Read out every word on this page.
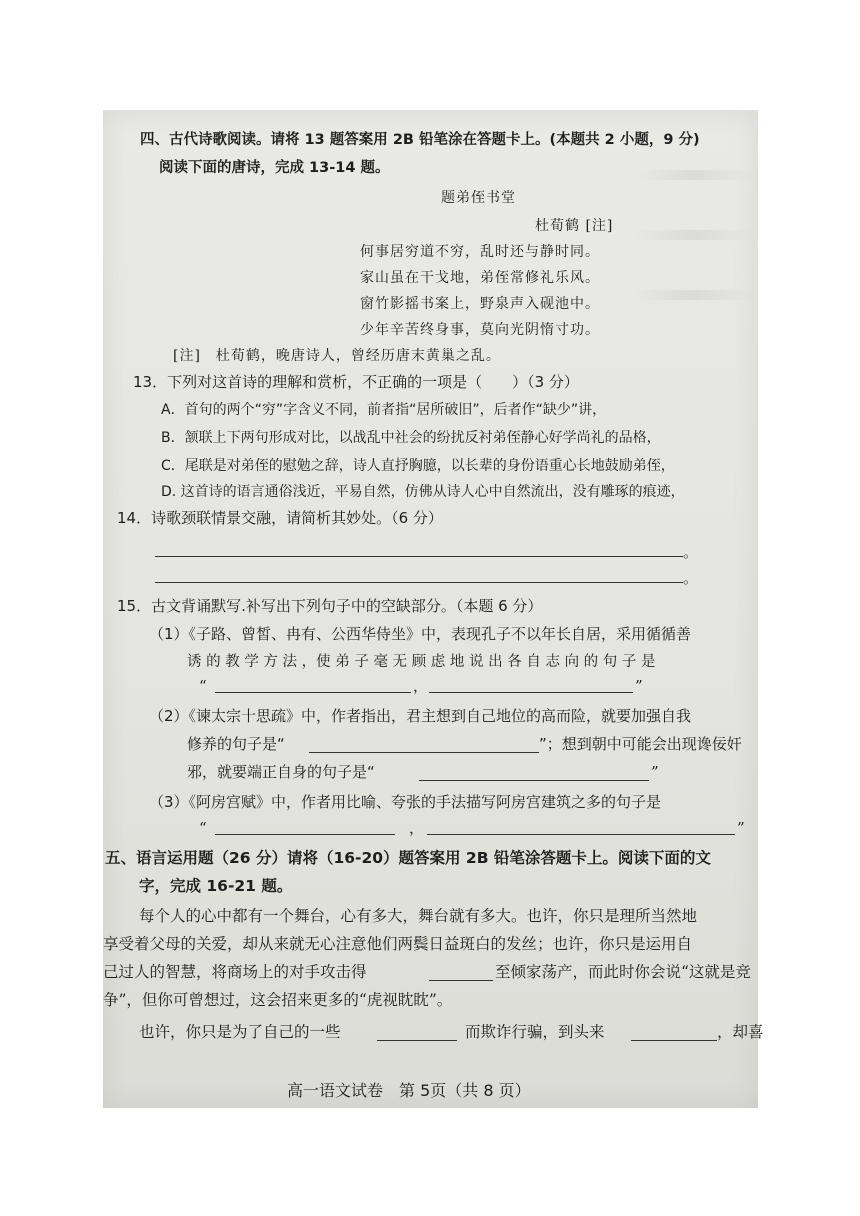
四、古代诗歌阅读。请将 13 题答案用 2B 铅笔涂在答题卡上。(本题共 2 小题，9 分)
阅读下面的唐诗，完成 13-14 题。
题弟侄书堂
杜荀鹤 [注]
何事居穷道不穷，乱时还与静时同。
家山虽在干戈地，弟侄常修礼乐风。
窗竹影摇书案上，野泉声入砚池中。
少年辛苦终身事，莫向光阴惰寸功。
[注]　杜荀鹤，晚唐诗人，曾经历唐末黄巢之乱。
13．下列对这首诗的理解和赏析，不正确的一项是（　　）（3 分）
A．首句的两个“穷”字含义不同，前者指“居所破旧”，后者作“缺少”讲，
B．颔联上下两句形成对比，以战乱中社会的纷扰反衬弟侄静心好学尚礼的品格，
C．尾联是对弟侄的慰勉之辞，诗人直抒胸臆，以长辈的身份语重心长地鼓励弟侄，
D. 这首诗的语言通俗浅近，平易自然，仿佛从诗人心中自然流出，没有雕琢的痕迹，
14．诗歌颈联情景交融，请简析其妙处。（6 分）
。
。
15．古文背诵默写.补写出下列句子中的空缺部分。（本题 6 分）
（1）《子路、曾皙、冉有、公西华侍坐》中，表现孔子不以年长自居，采用循循善
诱 的 教 学 方 法 ，使 弟 子 毫 无 顾 虑 地 说 出 各 自 志 向 的 句 子 是
“	，	”
（2）《谏太宗十思疏》中，作者指出，君主想到自己地位的高而险，就要加强自我
修养的句子是“	”；想到朝中可能会出现谗佞奸
邪，就要端正自身的句子是“	”
（3）《阿房宫赋》中，作者用比喻、夸张的手法描写阿房宫建筑之多的句子是
“	，	”
五、语言运用题（26 分）请将（16-20）题答案用 2B 铅笔涂答题卡上。阅读下面的文
字，完成 16-21 题。
每个人的心中都有一个舞台，心有多大，舞台就有多大。也许，你只是理所当然地
享受着父母的关爱，却从来就无心注意他们两鬓日益斑白的发丝；也许，你只是运用自
己过人的智慧，将商场上的对手攻击得	至倾家荡产，而此时你会说“这就是竞
争”，但你可曾想过，这会招来更多的“虎视眈眈”。
也许，你只是为了自己的一些	而欺诈行骗，到头来	，却喜
高一语文试卷　第 5页（共 8 页）
